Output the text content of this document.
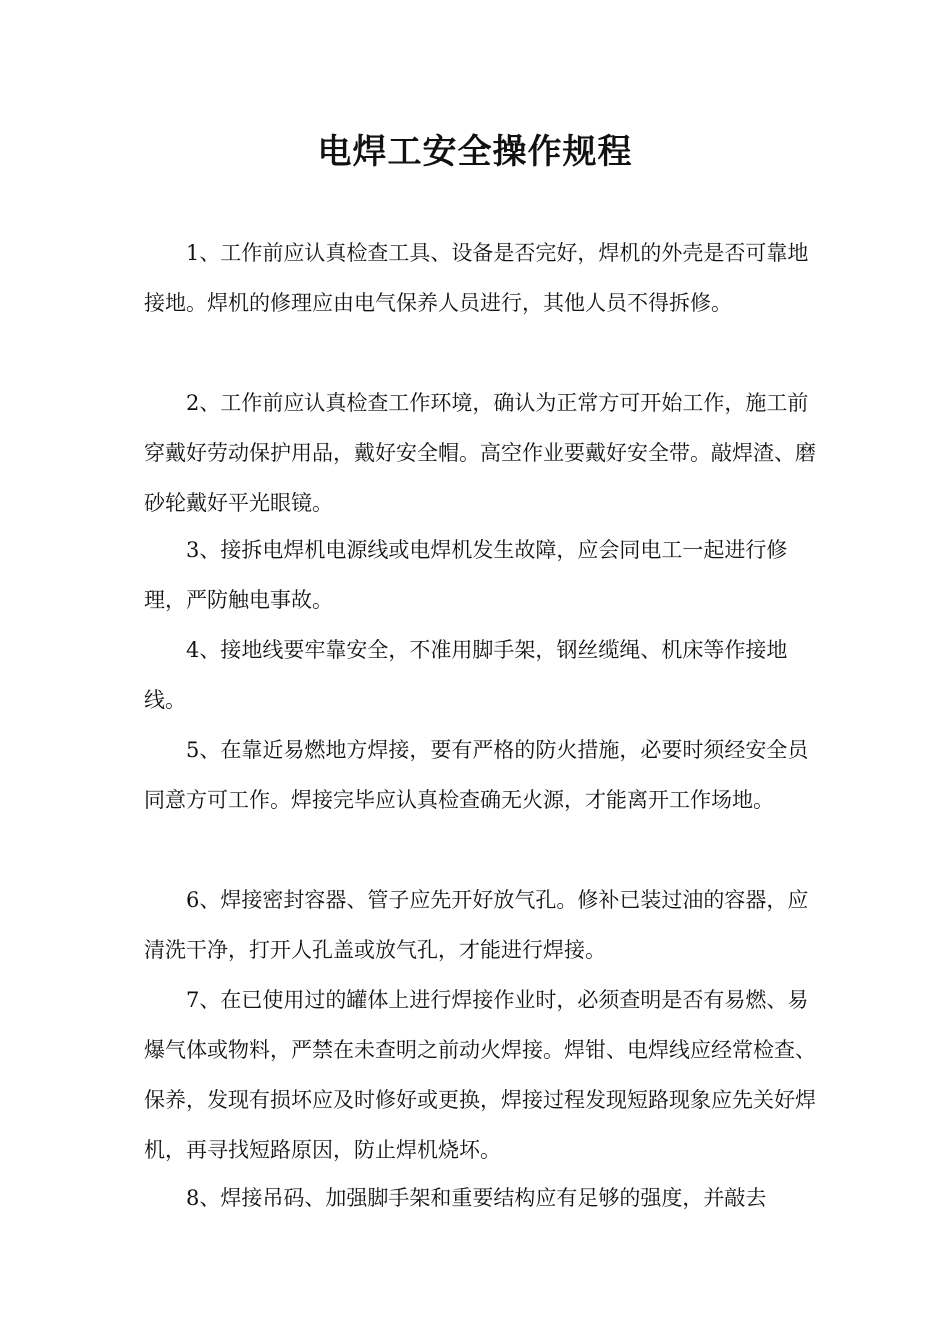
电焊工安全操作规程

1、工作前应认真检查工具、设备是否完好，焊机的外壳是否可靠地接地。焊机的修理应由电气保养人员进行，其他人员不得拆修。

2、工作前应认真检查工作环境，确认为正常方可开始工作，施工前穿戴好劳动保护用品，戴好安全帽。高空作业要戴好安全带。敲焊渣、磨砂轮戴好平光眼镜。

3、接拆电焊机电源线或电焊机发生故障，应会同电工一起进行修理，严防触电事故。

4、接地线要牢靠安全，不准用脚手架，钢丝缆绳、机床等作接地线。

5、在靠近易燃地方焊接，要有严格的防火措施，必要时须经安全员同意方可工作。焊接完毕应认真检查确无火源，才能离开工作场地。

6、焊接密封容器、管子应先开好放气孔。修补已装过油的容器，应清洗干净，打开人孔盖或放气孔，才能进行焊接。

7、在已使用过的罐体上进行焊接作业时，必须查明是否有易燃、易爆气体或物料，严禁在未查明之前动火焊接。焊钳、电焊线应经常检查、保养，发现有损坏应及时修好或更换，焊接过程发现短路现象应先关好焊机，再寻找短路原因，防止焊机烧坏。

8、焊接吊码、加强脚手架和重要结构应有足够的强度，并敲去
